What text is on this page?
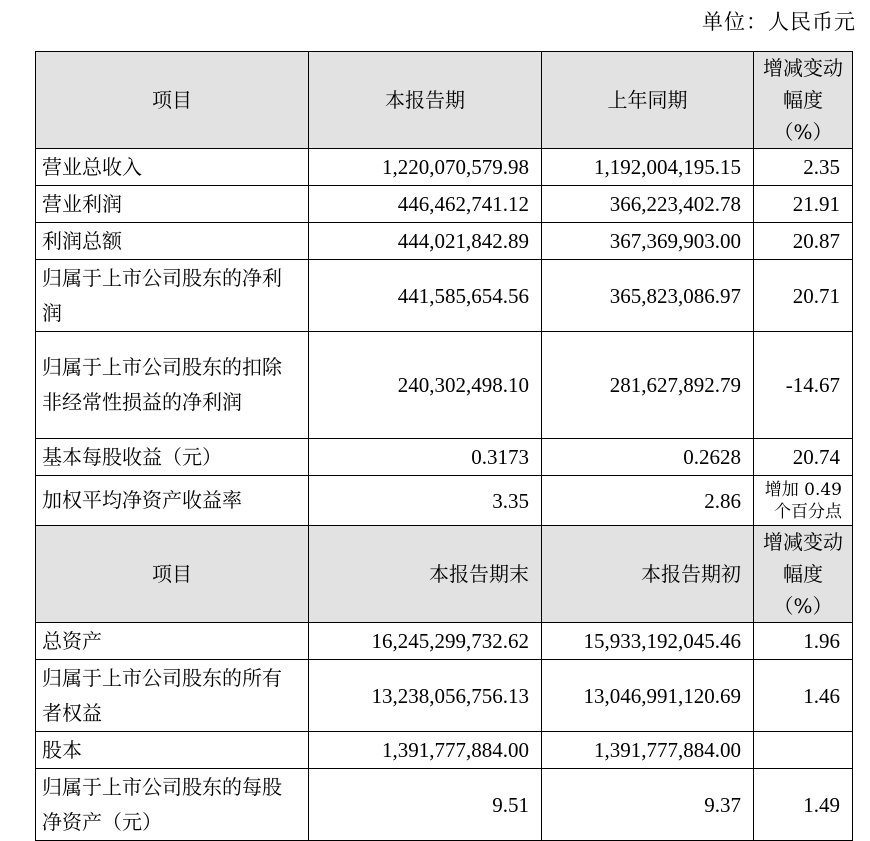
单位：人民币元
项目	本报告期	上年同期	增减变动
幅度（%）

营业总收入	1,220,070,579.98	1,192,004,195.15	2.35
营业利润	446,462,741.12	366,223,402.78	21.91
利润总额	444,021,842.89	367,369,903.00	20.87
归属于上市公司股东的净利润	441,585,654.56	365,823,086.97	20.71
归属于上市公司股东的扣除非经常性损益的净利润	240,302,498.10	281,627,892.79	-14.67
基本每股收益（元）	0.3173	0.2628	20.74
加权平均净资产收益率	3.35	2.86	增加 0.49 个百分点
项目	本报告期末	本报告期初	增减变动
幅度（%）

总资产	16,245,299,732.62	15,933,192,045.46	1.96
归属于上市公司股东的所有者权益	13,238,056,756.13	13,046,991,120.69	1.46
股本	1,391,777,884.00	1,391,777,884.00	
归属于上市公司股东的每股净资产（元）	9.51	9.37	1.49
